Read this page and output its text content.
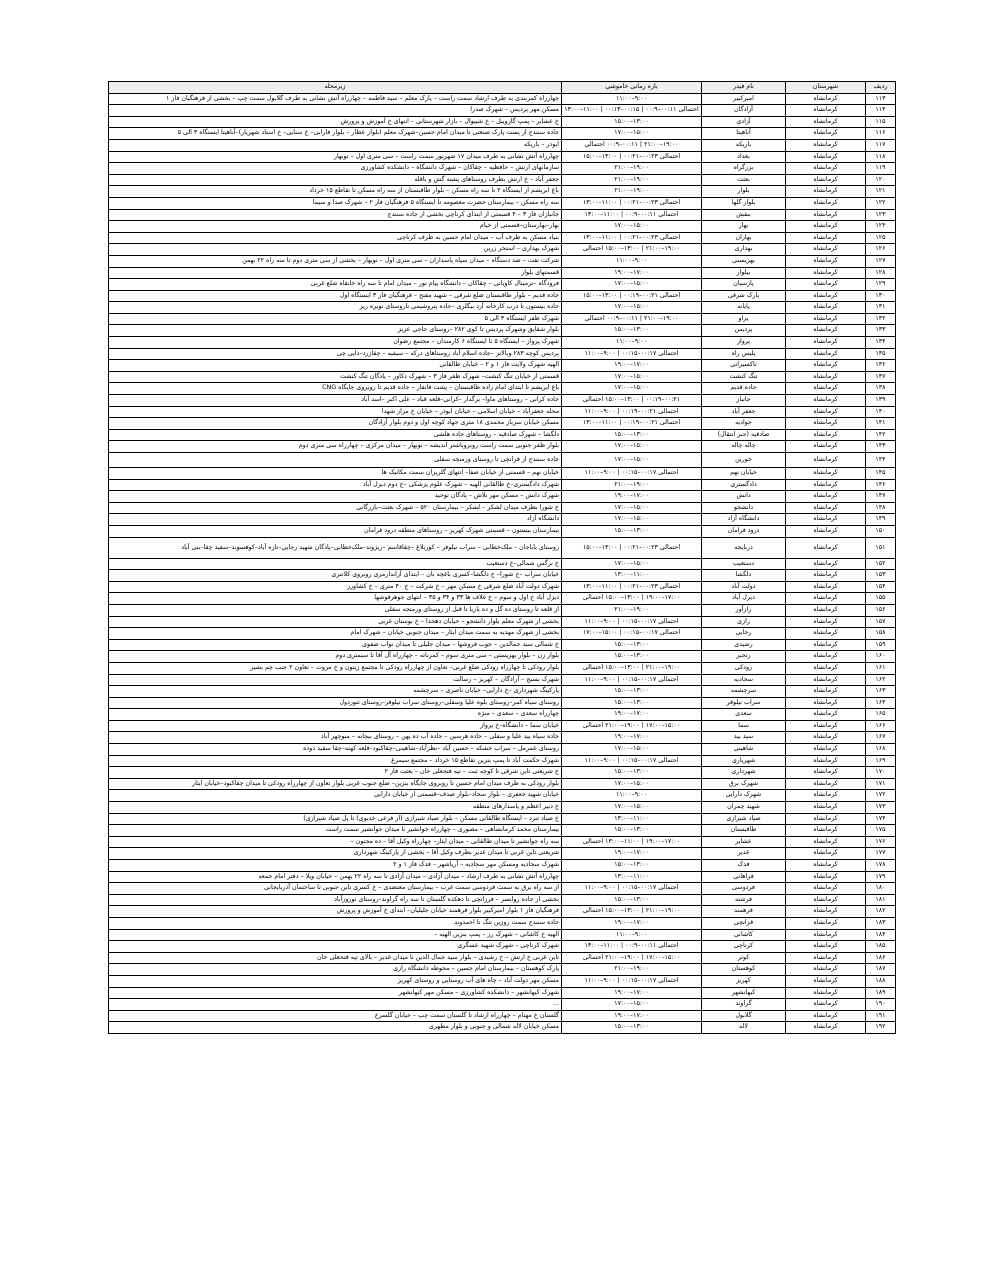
ردیف	شهرستان	نام فیدر	بازه زمانی خاموشی	زیرمحله
۱۱۳	کرمانشاه	امیرکبیر	۹:۰۰–۱۱:۰۰	چهارراه کمربندی به طرف ارشاد سمت راست – پارک معلم – سید فاطمه – چهارراه آتش نشانی به طرف گلابول سمت چپ – بخشی از فرهنگیان فاز ۱
۱۱۴	کرمانشاه	آزادگان	احتمالی ۰۰:۱۱–۰۰:۹ | ۰۰:۱۵–۰۰:۱۳ | ۱۱:۰۰–۱۳:۰۰	مسکن مهر پردیس – شهرک صدرا
۱۱۵	کرمانشاه	آزادی	۱۳:۰۰–۱۵:۰۰	خ عشایر – پمپ گازوییل – خ شیپوال – بازار شهرستانی – انتهای خ آموزش و پرورش
۱۱۶	کرمانشاه	آناهیتا	۱۵:۰۰–۱۷:۰۰	جاده سنندج از پست پارک صنعتی تا میدان امام حسین–شهرک معلم (بلوار عطار – بلوار فارابی– خ سنایی– خ استاد شهریار)–آناهیتا ایستگاه ۳ الی ۵
۱۱۷	کرمانشاه	باریکه	۱۹:۰۰–۲۱:۰۰ | ۰۰:۱۱–۰۰:۹ احتمالی	ابوذر – باریکه
۱۱۸	کرمانشاه	بغداد	احتمالی ۰۰:۲۳–۰۰:۲۱ | ۱۳:۰۰–۱۵:۰۰	چهارراه آتش نشانی به طرف میدان ۱۷ شهریور سمت راست – سی متری اول – نوبهار
۱۱۹	کرمانشاه	بزرگراه	۱۹:۰۰–۲۱:۰۰	سازمانهای ارتش – حافظیه – چقاکان – شهرک دانشگاه – دانشکده کشاورزی
۱۲۰	کرمانشاه	بعثت	۱۹:۰۰–۲۱:۰۰	جعفر آباد – خ ارتش بطرف روستاهای پشته گش و باقله
۱۲۱	کرمانشاه	بلوار	۱۹:۰۰–۲۱:۰۰	باغ ابریشم از ایستگاه ۲ تا سه راه مسکن – بلوار طاقبستان از سه راه مسکن تا تقاطع ۱۵ خرداد
۱۲۲	کرمانشاه	بلوار گلها	احتمالی ۰۰:۲۳–۰۰:۲۱ | ۱۱:۰۰–۱۳:۰۰	سه راه مسکن – بیمارستان حضرت معصومه تا ایستگاه ۵ فرهنگیان فاز ۲ – شهرک صدا و سیما
۱۲۳	کرمانشاه	بنفش	احتمالی ۰۰:۱۱–۰۰:۹ | ۱۱:۰۰–۱۳:۰۰	جانبازان فاز ۳ – ۴ قسمتی از ابتدای کرناچی بخشی از جاده سنندج
۱۲۴	کرمانشاه	بهار	۱۵:۰۰–۱۷:۰۰	بهار–بهارستان–قسمتی از خیام
۱۲۵	کرمانشاه	بهاران	احتمالی ۰۰:۲۳–۰۰:۲۱ | ۱۱:۰۰–۱۳:۰۰	بنیاد مسکن به طرف آب – میدان امام حسین به طرف کرناچی
۱۲۶	کرمانشاه	بهداری	۱۹:۰۰–۲۱:۰۰ | ۱۳:۰۰–۱۵:۰۰ احتمالی	شهرک بهداری – استخر زرین
۱۲۷	کرمانشاه	بهزیستی	۹:۰۰–۱۱:۰۰	شرکت نفت – صد دستگاه – میدان سپاه پاسداران – سی متری اول – نوبهار – بخشی از سی متری دوم تا سه راه ۲۲ بهمن
۱۲۸	کرمانشاه	بیلوار	۱۷:۰۰–۱۹:۰۰	قسمتهای بلوار
۱۲۹	کرمانشاه	پارسیان	۱۵:۰۰–۱۷:۰۰	فرودگاه –ترمینال کاویانی – چقاکان – دانشگاه پیام نور – میدان امام تا سه راه خانقاه شلغ غربی
۱۳۰	کرمانشاه	پارک شرقی	احتمالی ۰۰:۲۱–۰۰:۱۹ | ۱۳:۰۰–۱۵:۰۰	جاده قدیم – بلوار طاقبستان ضلع شرقی – شهید مفتح – فرهنگیان فاز ۳ ایستگاه اول
۱۳۱	کرمانشاه	پایانه	۱۵:۰۰–۱۷:۰۰	جاده بیستون تا درب کارخانه آرد بیگلری –جاده پتروشیمی تاروستای تویره ریز
۱۳۲	کرمانشاه	پراو	۱۹:۰۰–۲۱:۰۰ | ۰۰:۱۱–۰۰:۹ احتمالی	شهرک ظفر ایستگاه ۳ الی ۵
۱۳۳	کرمانشاه	پردیس	۱۳:۰۰–۱۵:۰۰	بلوار شقایق وشهرک پردیس تا کوی ۲۸۲ –روستای حاجی عزیز
۱۳۴	کرمانشاه	پرواز	۹:۰۰–۱۱:۰۰	شهرک پرواز – ایستگاه ۵ تا ایستگاه ۶ کارمندان – مجتمع رضوان
۱۳۵	کرمانشاه	پلیس راه	احتمالی ۰۰:۱۷–۰۰:۱۵ | ۹:۰۰–۱۱:۰۰	پردیس کوچه ۲۸۳ وبالاتر –جاده اسلام آباد روستاهای درکه – سیفیه – چقازرد–دایی چی
۱۳۶	کرمانشاه	تاکسیرانی	۱۷:۰۰–۱۹:۰۰	الهیه شهرک ولایت فاز ۱ و ۲ – خیابان طالقانی
۱۳۷	کرمانشاه	تنگ کنشت	۱۵:۰۰–۱۷:۰۰	قسمتی از خیابان تنگ کنشت– شهرک ظفر فاز ۳ – شهرک دکاور – پادگان تنگ کنشت
۱۳۸	کرمانشاه	جاده قدیم	۱۵:۰۰–۱۷:۰۰	باغ ابریشم تا ابتدای امام زاده طاقبستان – پشت فانفار – جاده قدیم تا روبروی جایگاه CNG
۱۳۹	کرمانشاه	جانباز	۰۰:۲۱–۰۰:۱۹ | ۱۳:۰۰–۱۵:۰۰ احتمالی	جاده کرانی – روستاهای ماوا– بزگدار –کرانی–قلعه قباد – علی اکبر –اسد آباد
۱۴۰	کرمانشاه	جعفر آباد	احتمالی ۰۰:۲۱–۰۰:۱۹ | ۹:۰۰–۱۱:۰۰	محله جعفرآباد – خیابان اسلامی – خیابان ابوذر – خیابان خ مزار شهدا
۱۴۱	کرمانشاه	جوادیه	احتمالی ۰۰:۲۱–۰۰:۱۹ | ۱۱:۰۰–۱۳:۰۰	مسکن خیابان سرباز محمدی ۱۸ متری جهاد کوچه اول و دوم بلوار آزادگان
۱۴۲	کرمانشاه	صادقیه (جبر انتقال)	۱۳:۰۰–۱۵:۰۰	دلگشا – شهرک صادقیه – روستاهای جاده هلشی
۱۴۳	کرمانشاه	چاله چاله	۱۵:۰۰–۱۷:۰۰	بلوار ظفر جنوبی سمت راست روبروباشتر اندیشه – نوبهار – میدان مرکزی – چهارراه سی متری دوم
۱۴۴	کرمانشاه	خورین	۱۵:۰۰–۱۷:۰۰	جاده سنندج از قزانچی تا روستای ورمنجه سفلی
۱۴۵	کرمانشاه	خیابان نهم	احتمالی ۰۰:۱۷–۰۰:۱۵ | ۹:۰۰–۱۱:۰۰	خیابان نهم – قسمتی از خیابان صفا– انتهای گلریزان سمت مکانیک ها
۱۴۶	کرمانشاه	دادگستری	۱۹:۰۰–۲۱:۰۰	شهرک دادگستری–خ طالقانی الهیه – شهرک علوم پزشکی –خ دوم دیزل آباد
۱۴۷	کرمانشاه	دانش	۱۷:۰۰–۱۹:۰۰	شهرک دانش – مسکن مهر تلاش – پادگان توحید
۱۴۸	کرمانشاه	دانشجو	۱۵:۰۰–۱۷:۰۰	خ شورا بطرف میدان لشکر – لشکر – بیمارستان ۵۲۰ – شهرک بعثت–بازرگانی
۱۴۹	کرمانشاه	دانشگاه آزاد	۱۵:۰۰–۱۷:۰۰	دانشگاه آزاد
۱۵۰	کرمانشاه	درود فرامان	۱۳:۰۰–۱۵:۰۰	بیمارستان بیستون – قسمتی شهرک کهریز – روستاهای منطقه درود فرامان
۱۵۱	کرمانشاه	دربایجه	احتمالی ۰۰:۲۳–۰۰:۲۱ | ۱۳:۰۰–۱۵:۰۰	روستای باباجان – ملک‌خطابی – سراب نیلوفر – کوربلاغ –چقاقاسم –ریژوند–ملک‌خطابی–پادگان شهید رجایی–تازه آباد–کوهسوند–سفید چقا–بنی آباد
۱۵۲	کرمانشاه	دستغیب	۱۵:۰۰–۱۷:۰۰	خ نرگس شمالی–خ دستغیب
۱۵۳	کرمانشاه	دلگشا	۱۱:۰۰–۱۳:۰۰	خیابان سراب –خ شورا– خ دلگشا–کسری باغچه بان – ابتدای آزاندارمری روبروی کلانتری
۱۵۴	کرمانشاه	دولت آباد	احتمالی ۰۰:۲۳–۰۰:۲۱ | ۱۱:۰۰–۱۳:۰۰	شهرک دولت آباد ضلع شرقی خ مسکن مهر – خ شرکت – خ ۴۰ متری – خ کشاورز
۱۵۵	کرمانشاه	دیزل آباد	۱۷:۰۰–۱۹:۰۰ | ۱۳:۰۰–۱۵:۰۰ احتمالی	دیزل آباد خ اول و سوم – خ غلاف ها ۳۳ و ۳۴ و ۳۵ – انتهای جوهرفوشها
۱۵۶	کرمانشاه	رازآور	۱۹:۰۰–۲۱:۰۰	از قلعه تا روستای ده گل و ده باریا تا قبل از روستای ورمنجه سفلی
۱۵۷	کرمانشاه	رازی	احتمالی ۰۰:۱۷–۰۰:۱۵ | ۹:۰۰–۱۱:۰۰	بخشی از شهرک معلم بلوار دانشجو – خیابان دهخدا – خ بوستان غربی
۱۵۸	کرمانشاه	رجایی	احتمالی ۰۰:۱۷–۰۰:۱۵ | ۱۵:۰۰–۱۷:۰۰	بخشی از شهرک مهدیه به سمت میدان ایثار – میدان جنوبی خیابان – شهرک امام
۱۵۹	کرمانشاه	رشیدی	۱۳:۰۰–۱۵:۰۰	خ شمالی سید جمالدین – جوب فروشها – میدان جلیلی تا میدان نواب صفوی
۱۶۰	کرمانشاه	رنجبر	۱۳:۰۰–۱۵:۰۰	بلوار زن – بلوار بهزیستی – سی متری سوم – کمرناته – چهارراه آل آقا تا سیمتری دوم
۱۶۱	کرمانشاه	رودکی	۱۹:۰۰–۲۱:۰۰ | ۱۳:۰۰–۱۵:۰۰ احتمالی	بلوار رودکی تا چهارراه رودکی ضلع غربی– تعاون از چهارراه رودکی تا مجتمع زیتون و خ مروت – تعاون ۲ جنب چم بشیر
۱۶۲	کرمانشاه	سجادیه	احتمالی ۰۰:۱۷–۰۰:۱۵ | ۹:۰۰–۱۱:۰۰	شهرک بسیج – آزادگان – کهریز – رسالت
۱۶۳	کرمانشاه	سرچشمه	۱۳:۰۰–۱۵:۰۰	پارکینگ شهرداری –خ دارایی– خیابان ناصری – سرچشمه
۱۶۴	کرمانشاه	سراب نیلوفر	۱۳:۰۰–۱۵:۰۰	روستای سیاه کمر–روستای بلوه علیا وسفلی–روستای سراب نیلوفر–روستای تتوردول
۱۶۵	کرمانشاه	سعدی	۱۷:۰۰–۱۹:۰۰	چهارراه سعدی – سعدی – منژه
۱۶۶	کرمانشاه	سما	۱۵:۰۰–۱۷:۰۰ | ۱۹:۰۰–۲۱:۰۰ احتمالی	خیابان سما – دانشگاه–خ پرواز
۱۶۷	کرمانشاه	سید بید	۱۷:۰۰–۱۹:۰۰	جاده سیاه بید علیا و سفلی – جاده هرسین – جاده آب ده پهن – روستای بیجانه – منوچهر آباد
۱۶۸	کرمانشاه	شاهینی	۱۵:۰۰–۱۷:۰۰	روستای عمرمل – سراب خشکه – حسین آباد –نظرآباد–شاهینی–چقاکبود–قلعه کهنه–چقا سفید دوده
۱۶۹	کرمانشاه	شهریاری	احتمالی ۰۰:۱۷–۰۰:۱۵ | ۹:۰۰–۱۱:۰۰	شهرک حکمت آباد تا پمپ بنزین تقاطع ۱۵ خرداد – مجتمع سیمرغ
۱۷۰	کرمانشاه	شهرداری	۱۳:۰۰–۱۵:۰۰	خ شریعتی تاین شرقی تا کوچه ثبت – تپه فتحعلی خان – بعثت فاز ۲
۱۷۱	کرمانشاه	شهرک برق	۱۵:۰۰–۱۷:۰۰	بلوار رودکی به طرف میدان امام حسین تا روبروی جایگاه بنزین– ضلع جنوب غربی بلوار تعاون از چهارراه رودکی تا میدان چقاکبود–خیابان ایثار
۱۷۲	کرمانشاه	شهرک دارایی	۹:۰۰–۱۱:۰۰	خیابان شهید جعفری – بلوار سجاد–بلوار صدف–قسمتی از خیابان دارایی
۱۷۳	کرمانشاه	شهید چمران	۱۵:۰۰–۱۷:۰۰	خ دبیر اعظم و پاسدارهای منطقه
۱۷۴	کرمانشاه	صیاد شیرازی	۱۱:۰۰–۱۳:۰۰	خ صیاد تنرد – ایستگاه طالقانی مسکن – بلوار صیاد شیرازی (از فرعی خدیوی) تا پل صیاد شیرازی)
۱۷۵	کرمانشاه	طاقبستان	۱۳:۰۰–۱۵:۰۰	بیمارستان محمد کرمانشاهی – مصوری – چهارراه جوانشیر تا میدان جوانشیر سمت راست
۱۷۶	کرمانشاه	عشایر	۱۷:۰۰–۱۹:۰۰ | ۱۱:۰۰–۱۳:۰۰ احتمالی	سه راه جوانشیر تا میدان طالقانی – میدان ایثار– چهارراه وکیل آقا – ده مجنون –
۱۷۷	کرمانشاه	غدیر	۱۷:۰۰–۱۹:۰۰	شریعتی تاین غربی تا میدان غدیر بطرف وکیل آقا – بخشی از پارکینگ شهرداری
۱۷۸	کرمانشاه	فدک	۱۳:۰۰–۱۵:۰۰	شهرک سجادیه ومسکن مهر سجادیه – آریاشهر – فدک فاز ۱ و ۲
۱۷۹	کرمانشاه	فراهانی	۱۱:۰۰–۱۳:۰۰	چهارراه آتش نشانی به طرف ارشاد – میدان آزادی – میدان آزادی تا سه راه ۲۲ بهمن – خیابان ویلا – دفتر امام جمعه
۱۸۰	کرمانشاه	فردوسی	احتمالی ۰۰:۱۷–۰۰:۱۵ | ۹:۰۰–۱۱:۰۰	از سه راه برق به سمت فردوسی سمت غرب – بیمارستان معتضدی – خ کسری تاین جنوبی تا ساختمان آذربایجانی
۱۸۱	کرمانشاه	فرشته	۱۳:۰۰–۱۵:۰۰	بخشی از جاده روانسر – فرزانچی تا دهکده گلستان تا سه راه گراوند–روستای نوروزآباد
۱۸۲	کرمانشاه	فرهمند	۱۹:۰۰–۲۱:۰۰ | ۱۳:۰۰–۱۵:۰۰ احتمالی	فرهنگیان فاز ۱ بلوار امیرکبیر بلوار فرهمند خیابان جلیلیان– ابتدای خ آموزش و پرورش
۱۸۳	کرمانشاه	قزانچی	۱۷:۰۰–۱۹:۰۰	جاده سنندج سمت روزین تنگ تا احمدوند
۱۸۴	کرمانشاه	کاشانی	۹:۰۰–۱۱:۰۰	الهیه خ کاشانی – شهرک رز – پمپ بنزین الهیه –
۱۸۵	کرمانشاه	کرناچی	احتمالی ۰۰:۱۱–۰۰:۹ | ۱۱:۰۰–۱۳:۰۰	شهرک کرناچی – شهرک شهید عسگری
۱۸۶	کرمانشاه	کوثر	۱۵:۰۰–۱۷:۰۰ | ۱۹:۰۰–۲۱:۰۰ احتمالی	تاین غربی خ ارتش – خ رشیدی – بلوار سید جمال الدین تا میدان غدیر – بالای تپه فتحعلی خان
۱۸۷	کرمانشاه	کوهستان	۱۹:۰۰–۲۱:۰۰	پارک کوهستان – بیمارستان امام حسین – محوطه دانشگاه رازی
۱۸۸	کرمانشاه	کهریز	احتمالی ۰۰:۱۷–۰۰:۱۵ | ۹:۰۰–۱۱:۰۰	مسکن مهر دولت آباد – چاه های آب روستایی و روستای کهریز
۱۸۹	کرمانشاه	کیهانشهر	۱۷:۰۰–۱۹:۰۰	شهرک کیهانشهر – دانشکده کشاورزی – مسکن مهر کیهانشهر
۱۹۰	کرمانشاه	گراوند	۱۵:۰۰–۱۷:۰۰	...
۱۹۱	کرمانشاه	گلابول	۱۷:۰۰–۱۹:۰۰	گلستان خ مهتام – چهارراه ارشاد تا گلستان سمت چپ – خیابان گلسرخ
۱۹۲	کرمانشاه	لاله	۱۳:۰۰–۱۵:۰۰	مسکن خیابان لاله شمالی و جنوبی و بلوار مطهری
